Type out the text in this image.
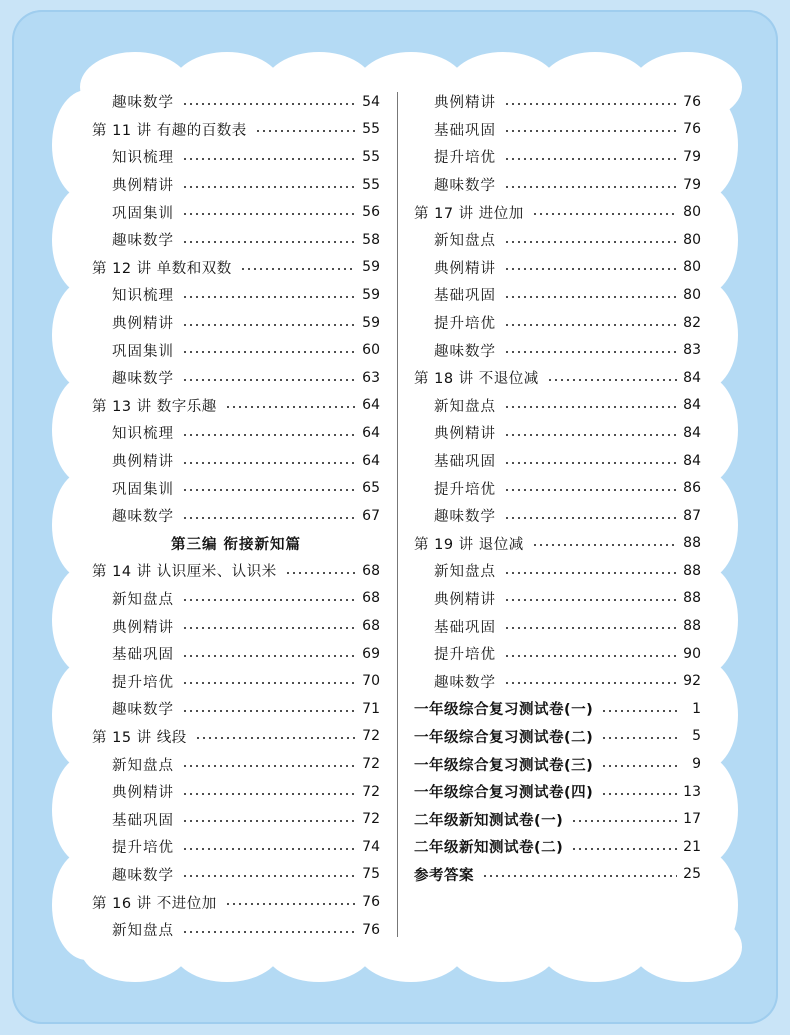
趣味数学	54
第 11 讲 有趣的百数表	55
知识梳理	55
典例精讲	55
巩固集训	56
趣味数学	58
第 12 讲 单数和双数	59
知识梳理	59
典例精讲	59
巩固集训	60
趣味数学	63
第 13 讲 数字乐趣	64
知识梳理	64
典例精讲	64
巩固集训	65
趣味数学	67
第三编 衔接新知篇
第 14 讲 认识厘米、认识米	68
新知盘点	68
典例精讲	68
基础巩固	69
提升培优	70
趣味数学	71
第 15 讲 线段	72
新知盘点	72
典例精讲	72
基础巩固	72
提升培优	74
趣味数学	75
第 16 讲 不进位加	76
新知盘点	76
典例精讲	76
基础巩固	76
提升培优	79
趣味数学	79
第 17 讲 进位加	80
新知盘点	80
典例精讲	80
基础巩固	80
提升培优	82
趣味数学	83
第 18 讲 不退位减	84
新知盘点	84
典例精讲	84
基础巩固	84
提升培优	86
趣味数学	87
第 19 讲 退位减	88
新知盘点	88
典例精讲	88
基础巩固	88
提升培优	90
趣味数学	92
一年级综合复习测试卷(一)	1
一年级综合复习测试卷(二)	5
一年级综合复习测试卷(三)	9
一年级综合复习测试卷(四)	13
二年级新知测试卷(一)	17
二年级新知测试卷(二)	21
参考答案	25
